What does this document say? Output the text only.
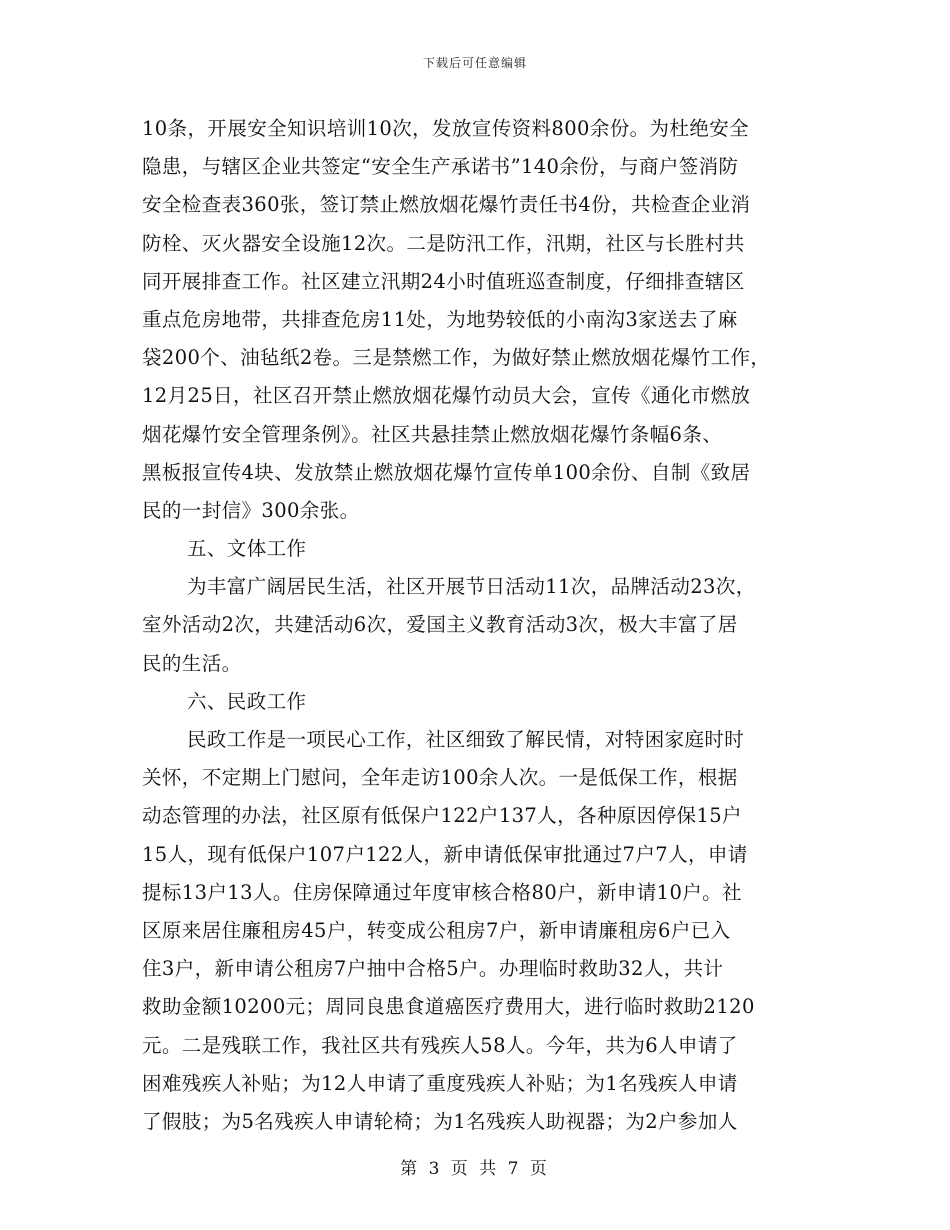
下载后可任意编辑
10条，开展安全知识培训10次，发放宣传资料800余份。为杜绝安全
隐患，与辖区企业共签定“安全生产承诺书”140余份，与商户签消防
安全检查表360张，签订禁止燃放烟花爆竹责任书4份，共检查企业消
防栓、灭火器安全设施12次。二是防汛工作，汛期，社区与长胜村共
同开展排查工作。社区建立汛期24小时值班巡查制度，仔细排查辖区
重点危房地带，共排查危房11处，为地势较低的小南沟3家送去了麻
袋200个、油毡纸2卷。三是禁燃工作，为做好禁止燃放烟花爆竹工作，
12月25日，社区召开禁止燃放烟花爆竹动员大会，宣传《通化市燃放
烟花爆竹安全管理条例》。社区共悬挂禁止燃放烟花爆竹条幅6条、
黑板报宣传4块、发放禁止燃放烟花爆竹宣传单100余份、自制《致居
民的一封信》300余张。
五、文体工作
为丰富广阔居民生活，社区开展节日活动11次，品牌活动23次，
室外活动2次，共建活动6次，爱国主义教育活动3次，极大丰富了居
民的生活。
六、民政工作
民政工作是一项民心工作，社区细致了解民情，对特困家庭时时
关怀，不定期上门慰问，全年走访100余人次。一是低保工作，根据
动态管理的办法，社区原有低保户122户137人，各种原因停保15户
15人，现有低保户107户122人，新申请低保审批通过7户7人，申请
提标13户13人。住房保障通过年度审核合格80户，新申请10户。社
区原来居住廉租房45户，转变成公租房7户，新申请廉租房6户已入
住3户，新申请公租房7户抽中合格5户。办理临时救助32人，共计
救助金额10200元；周同良患食道癌医疗费用大，进行临时救助2120
元。二是残联工作，我社区共有残疾人58人。今年，共为6人申请了
困难残疾人补贴；为12人申请了重度残疾人补贴；为1名残疾人申请
了假肢；为5名残疾人申请轮椅；为1名残疾人助视器；为2户参加人
第 3 页 共 7 页
